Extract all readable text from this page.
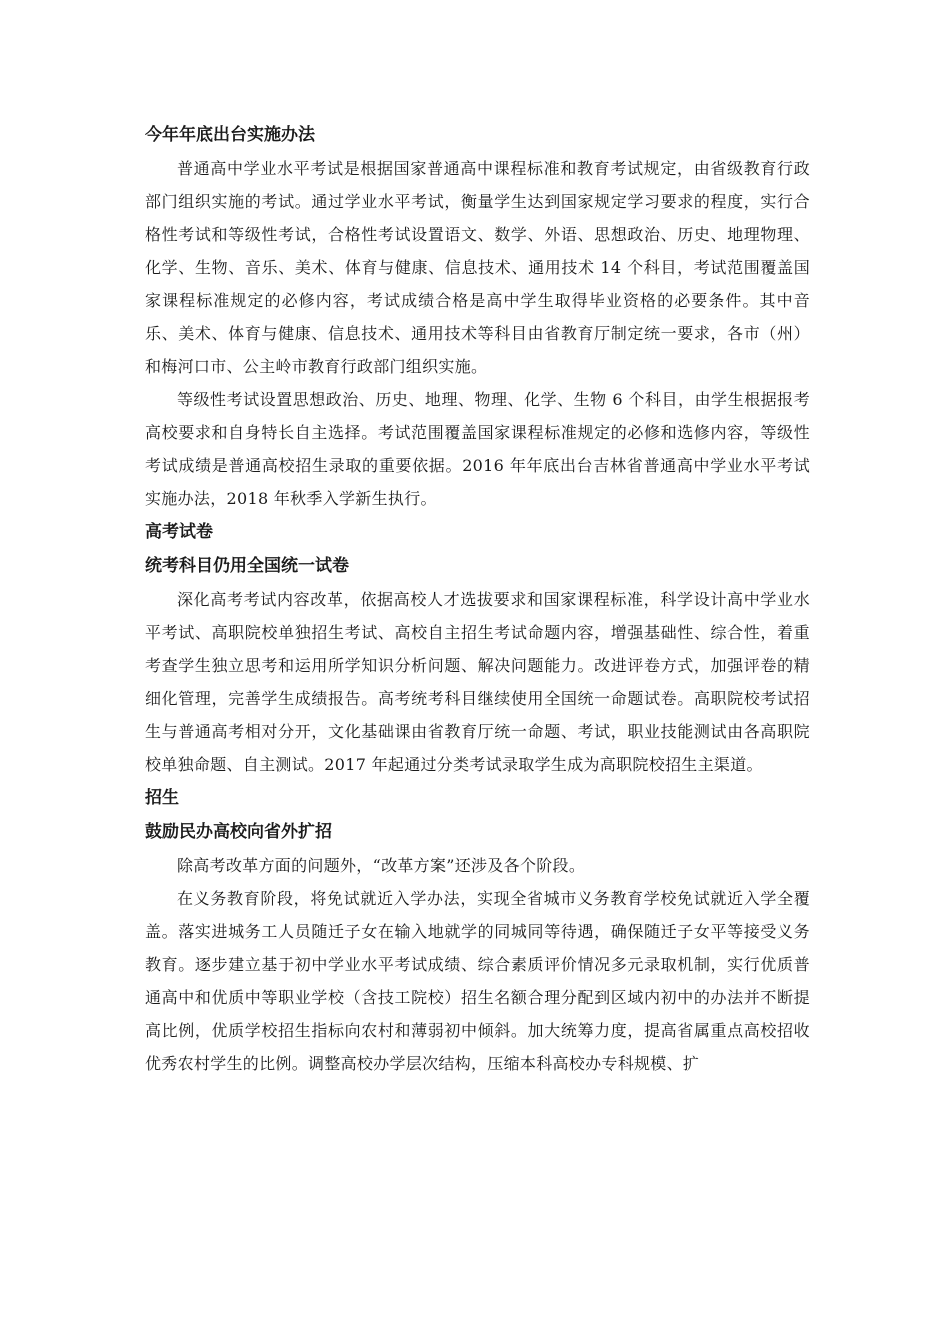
今年年底出台实施办法

普通高中学业水平考试是根据国家普通高中课程标准和教育考试规定，由省级教育行政部门组织实施的考试。通过学业水平考试，衡量学生达到国家规定学习要求的程度，实行合格性考试和等级性考试，合格性考试设置语文、数学、外语、思想政治、历史、地理物理、化学、生物、音乐、美术、体育与健康、信息技术、通用技术 14 个科目，考试范围覆盖国家课程标准规定的必修内容，考试成绩合格是高中学生取得毕业资格的必要条件。其中音乐、美术、体育与健康、信息技术、通用技术等科目由省教育厅制定统一要求，各市（州）和梅河口市、公主岭市教育行政部门组织实施。

等级性考试设置思想政治、历史、地理、物理、化学、生物 6 个科目，由学生根据报考高校要求和自身特长自主选择。考试范围覆盖国家课程标准规定的必修和选修内容，等级性考试成绩是普通高校招生录取的重要依据。2016 年年底出台吉林省普通高中学业水平考试实施办法，2018 年秋季入学新生执行。

高考试卷
统考科目仍用全国统一试卷

深化高考考试内容改革，依据高校人才选拔要求和国家课程标准，科学设计高中学业水平考试、高职院校单独招生考试、高校自主招生考试命题内容，增强基础性、综合性，着重考查学生独立思考和运用所学知识分析问题、解决问题能力。改进评卷方式，加强评卷的精细化管理，完善学生成绩报告。高考统考科目继续使用全国统一命题试卷。高职院校考试招生与普通高考相对分开，文化基础课由省教育厅统一命题、考试，职业技能测试由各高职院校单独命题、自主测试。2017 年起通过分类考试录取学生成为高职院校招生主渠道。

招生
鼓励民办高校向省外扩招

除高考改革方面的问题外，“改革方案”还涉及各个阶段。

在义务教育阶段，将免试就近入学办法，实现全省城市义务教育学校免试就近入学全覆盖。落实进城务工人员随迁子女在输入地就学的同城同等待遇，确保随迁子女平等接受义务教育。逐步建立基于初中学业水平考试成绩、综合素质评价情况多元录取机制，实行优质普通高中和优质中等职业学校（含技工院校）招生名额合理分配到区域内初中的办法并不断提高比例，优质学校招生指标向农村和薄弱初中倾斜。加大统筹力度，提高省属重点高校招收优秀农村学生的比例。调整高校办学层次结构，压缩本科高校办专科规模、扩
